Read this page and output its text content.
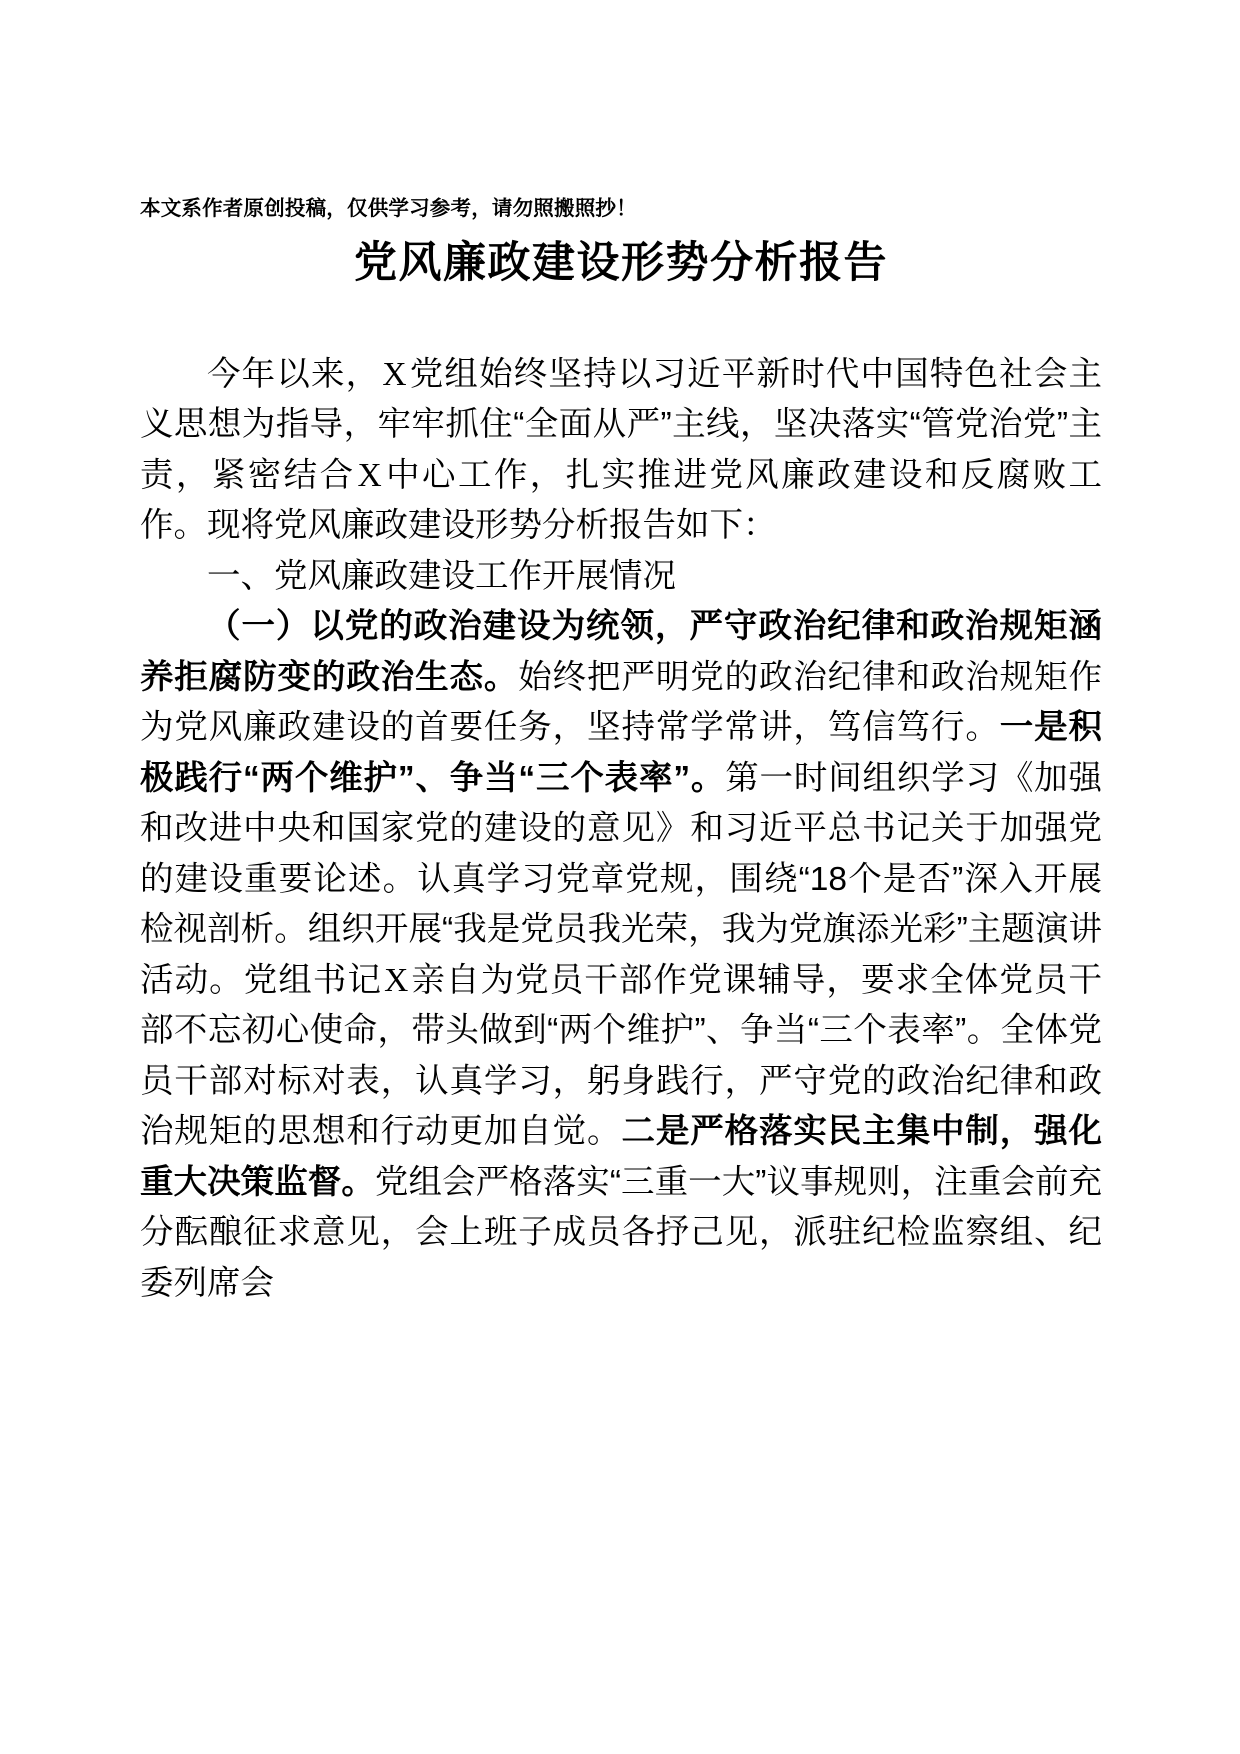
本文系作者原创投稿，仅供学习参考，请勿照搬照抄！
党风廉政建设形势分析报告
今年以来，X党组始终坚持以习近平新时代中国特色社会主义思想为指导，牢牢抓住“全面从严”主线，坚决落实“管党治党”主责，紧密结合X中心工作，扎实推进党风廉政建设和反腐败工作。现将党风廉政建设形势分析报告如下：
一、党风廉政建设工作开展情况
（一）以党的政治建设为统领，严守政治纪律和政治规矩涵养拒腐防变的政治生态。始终把严明党的政治纪律和政治规矩作为党风廉政建设的首要任务，坚持常学常讲，笃信笃行。一是积极践行“两个维护”、争当“三个表率”。第一时间组织学习《加强和改进中央和国家党的建设的意见》和习近平总书记关于加强党的建设重要论述。认真学习党章党规，围绕“18个是否”深入开展检视剖析。组织开展“我是党员我光荣，我为党旗添光彩”主题演讲活动。党组书记X亲自为党员干部作党课辅导，要求全体党员干部不忘初心使命，带头做到“两个维护”、争当“三个表率”。全体党员干部对标对表，认真学习，躬身践行，严守党的政治纪律和政治规矩的思想和行动更加自觉。二是严格落实民主集中制，强化重大决策监督。党组会严格落实“三重一大”议事规则，注重会前充分酝酿征求意见，会上班子成员各抒己见，派驻纪检监察组、纪委列席会
